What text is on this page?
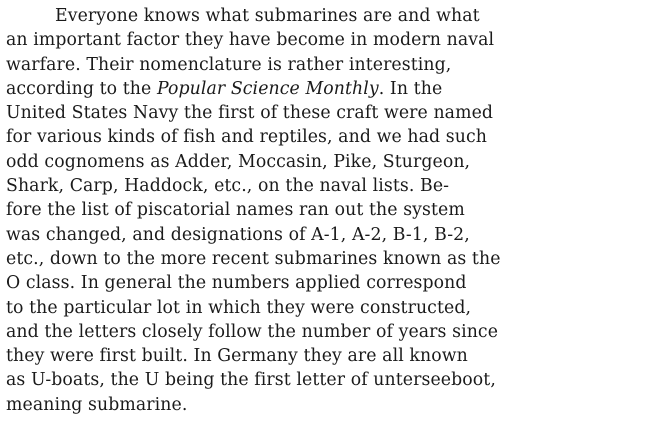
Everyone knows what submarines are and what
an important factor they have become in modern naval
warfare. Their nomenclature is rather interesting,
according to the Popular Science Monthly. In the
United States Navy the first of these craft were named
for various kinds of fish and reptiles, and we had such
odd cognomens as Adder, Moccasin, Pike, Sturgeon,
Shark, Carp, Haddock, etc., on the naval lists. Be-
fore the list of piscatorial names ran out the system
was changed, and designations of A-1, A-2, B-1, B-2,
etc., down to the more recent submarines known as the
O class. In general the numbers applied correspond
to the particular lot in which they were constructed,
and the letters closely follow the number of years since
they were first built. In Germany they are all known
as U-boats, the U being the first letter of unterseeboot,
meaning submarine.
